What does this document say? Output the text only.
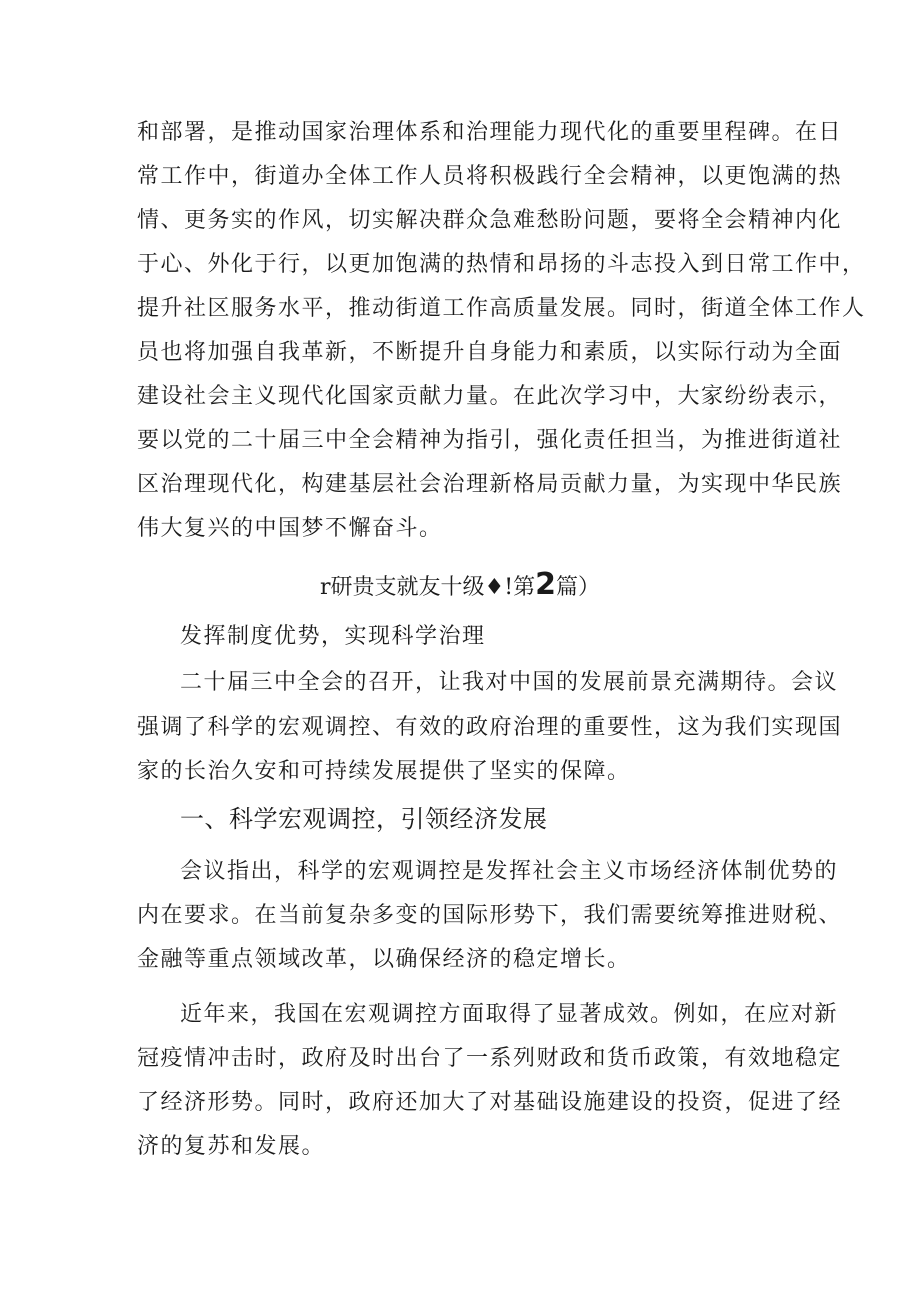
和部署，是推动国家治理体系和治理能力现代化的重要里程碑。在日
常工作中，街道办全体工作人员将积极践行全会精神，以更饱满的热
情、更务实的作风，切实解决群众急难愁盼问题，要将全会精神内化
于心、外化于行，以更加饱满的热情和昂扬的斗志投入到日常工作中，
提升社区服务水平，推动街道工作高质量发展。同时，街道全体工作人
员也将加强自我革新，不断提升自身能力和素质，以实际行动为全面
建设社会主义现代化国家贡献力量。在此次学习中，大家纷纷表示，
要以党的二十届三中全会精神为指引，强化责任担当，为推进街道社
区治理现代化，构建基层社会治理新格局贡献力量，为实现中华民族
伟大复兴的中国梦不懈奋斗。
r研贵支就友十级♦!第2篇）
发挥制度优势，实现科学治理
二十届三中全会的召开，让我对中国的发展前景充满期待。会议
强调了科学的宏观调控、有效的政府治理的重要性，这为我们实现国
家的长治久安和可持续发展提供了坚实的保障。
一、科学宏观调控，引领经济发展
会议指出，科学的宏观调控是发挥社会主义市场经济体制优势的
内在要求。在当前复杂多变的国际形势下，我们需要统筹推进财税、
金融等重点领域改革，以确保经济的稳定增长。
近年来，我国在宏观调控方面取得了显著成效。例如，在应对新
冠疫情冲击时，政府及时出台了一系列财政和货币政策，有效地稳定
了经济形势。同时，政府还加大了对基础设施建设的投资，促进了经
济的复苏和发展。
